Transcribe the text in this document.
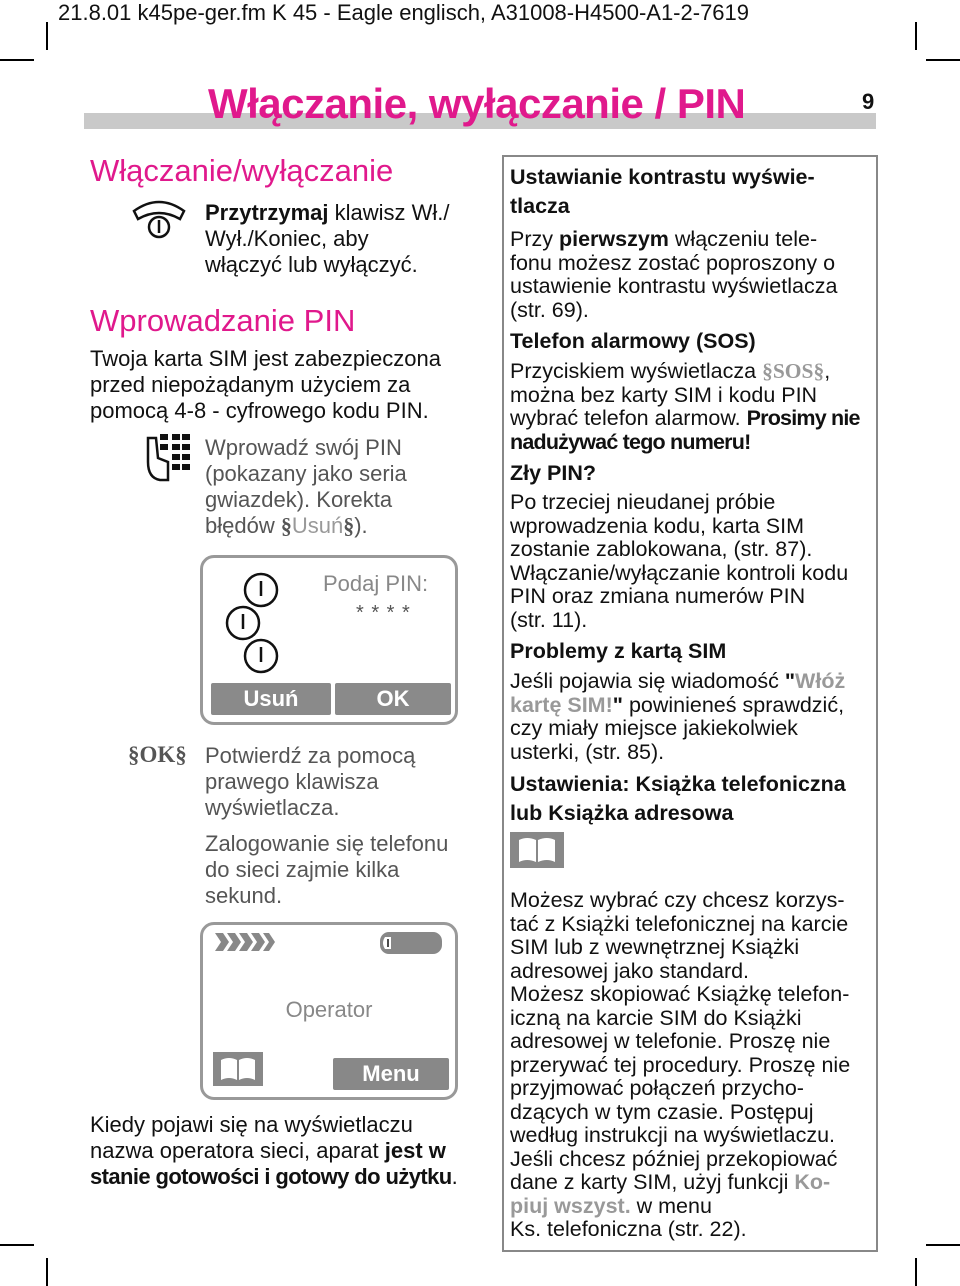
21.8.01 k45pe-ger.fm K 45 - Eagle englisch, A31008-H4500-A1-2-7619
Włączanie, wyłączanie / PIN	9
Włączanie/wyłączanie
Przytrzymaj klawisz Wł./
Wył./Koniec, aby
włączyć lub wyłączyć.
Wprowadzanie PIN
Twoja karta SIM jest zabezpieczona
przed niepożądanym użyciem za
pomocą 4-8 - cyfrowego kodu PIN.
Wprowadź swój PIN
(pokazany jako seria
gwiazdek). Korekta
błędów §Usuń§).
Podaj PIN:
* * * *
Usuń	OK
§OK§ Potwierdź za pomocą
prawego klawisza
wyświetlacza.
Zalogowanie się telefonu
do sieci zajmie kilka
sekund.
Operator
Menu
Kiedy pojawi się na wyświetlaczu
nazwa operatora sieci, aparat jest w
stanie gotowości i gotowy do użytku.
Ustawianie kontrastu wyświe-
tlacza
Przy pierwszym włączeniu tele-
fonu możesz zostać poproszony o
ustawienie kontrastu wyświetlacza
(str. 69).
Telefon alarmowy (SOS)
Przyciskiem wyświetlacza §SOS§,
można bez karty SIM i kodu PIN
wybrać telefon alarmow. Prosimy nie
nadużywać tego numeru!
Zły PIN?
Po trzeciej nieudanej próbie
wprowadzenia kodu, karta SIM
zostanie zablokowana, (str. 87).
Włączanie/wyłączanie kontroli kodu
PIN oraz zmiana numerów PIN
(str. 11).
Problemy z kartą SIM
Jeśli pojawia się wiadomość "Włóż
kartę SIM!" powinieneś sprawdzić,
czy miały miejsce jakiekolwiek
usterki, (str. 85).
Ustawienia: Książka telefoniczna
lub Książka adresowa
Możesz wybrać czy chcesz korzys-
tać z Książki telefonicznej na karcie
SIM lub z wewnętrznej Książki
adresowej jako standard.
Możesz skopiować Książkę telefon-
iczną na karcie SIM do Książki
adresowej w telefonie. Proszę nie
przerywać tej procedury. Proszę nie
przyjmować połączeń przycho-
dzących w tym czasie. Postępuj
według instrukcji na wyświetlaczu.
Jeśli chcesz później przekopiować
dane z karty SIM, użyj funkcji Ko-
piuj wszyst. w menu
Ks. telefoniczna (str. 22).
